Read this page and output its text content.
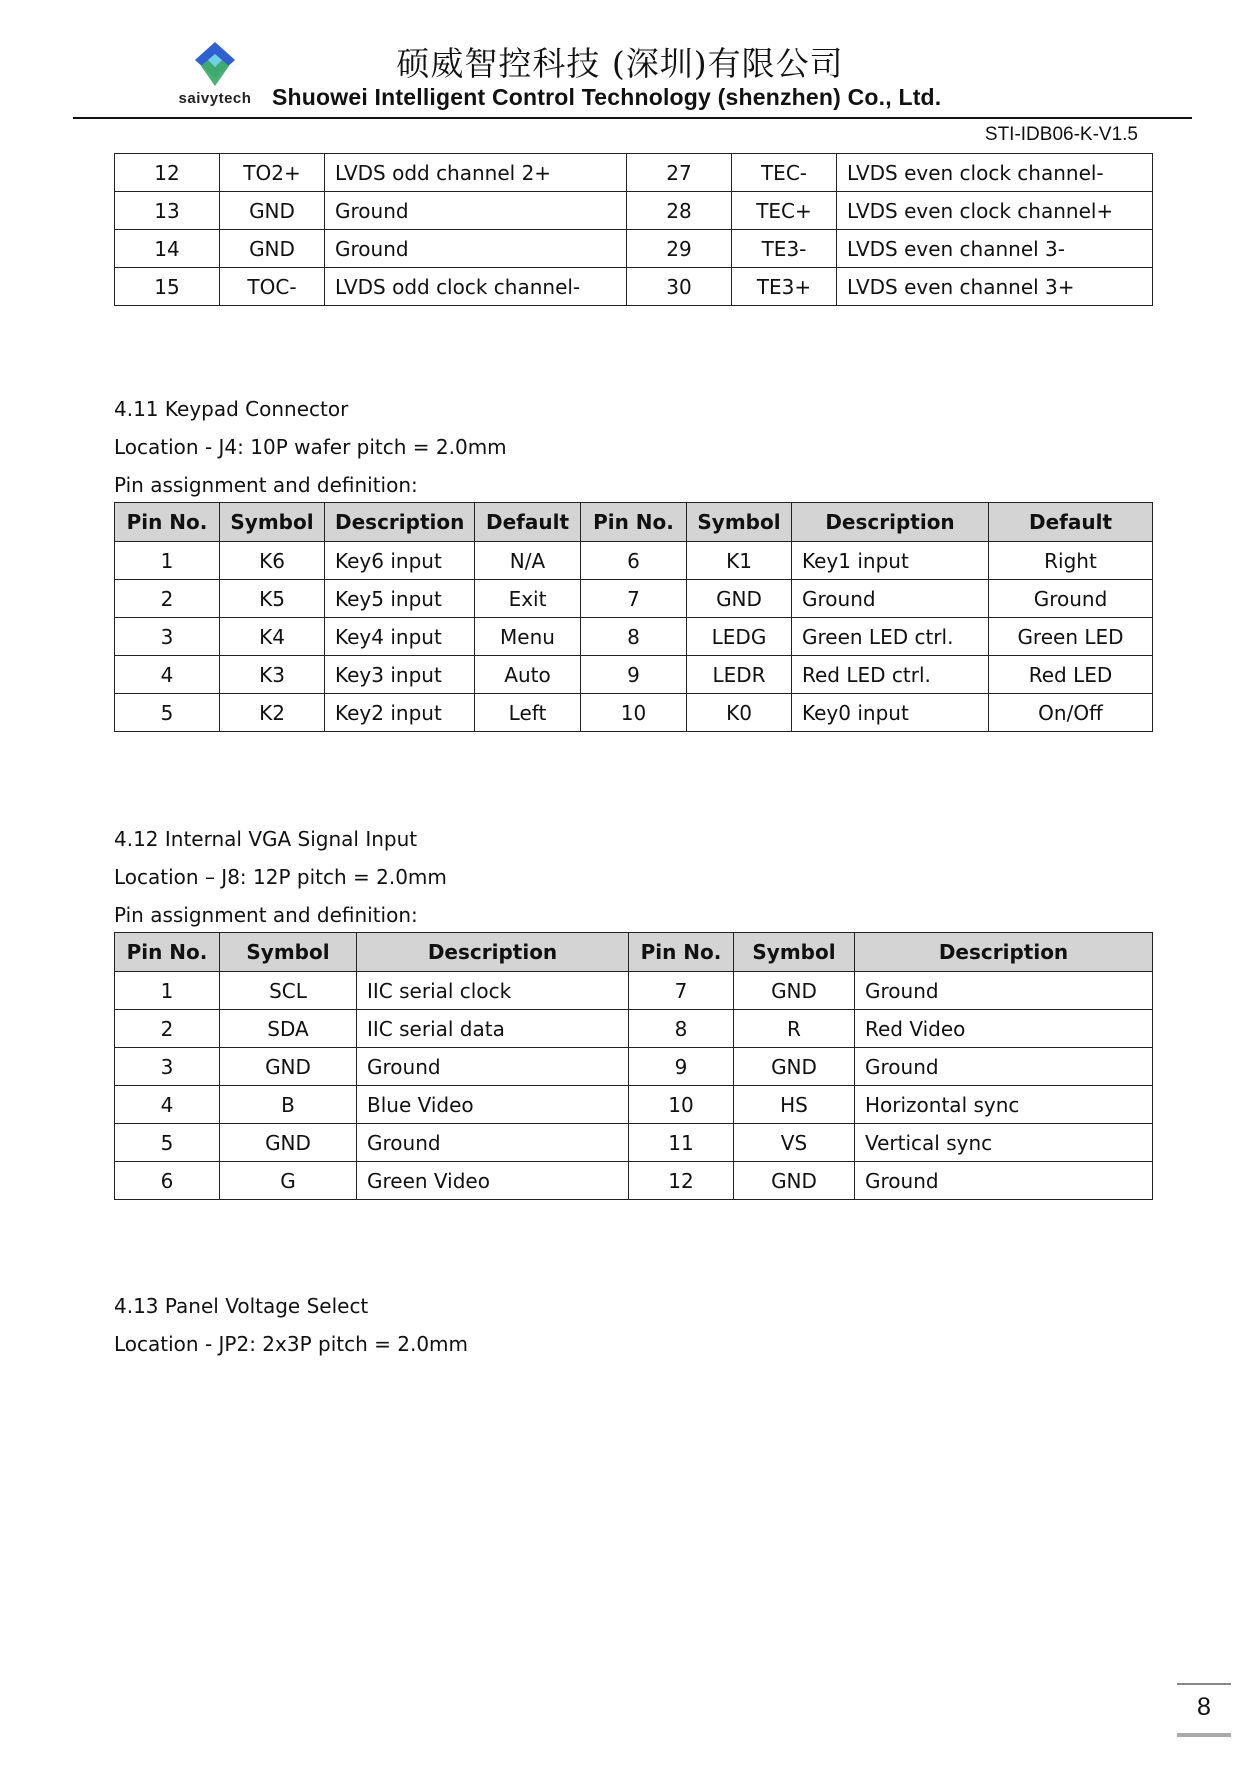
saivytech
硕威智控科技 (深圳)有限公司
Shuowei Intelligent Control Technology (shenzhen) Co., Ltd.
STI-IDB06-K-V1.5
12	TO2+	LVDS odd channel 2+	27	TEC-	LVDS even clock channel-
13	GND	Ground	28	TEC+	LVDS even clock channel+
14	GND	Ground	29	TE3-	LVDS even channel 3-
15	TOC-	LVDS odd clock channel-	30	TE3+	LVDS even channel 3+
4.11 Keypad Connector
Location - J4: 10P wafer pitch = 2.0mm
Pin assignment and definition:
Pin No.	Symbol	Description	Default	Pin No.	Symbol	Description	Default
1	K6	Key6 input	N/A	6	K1	Key1 input	Right
2	K5	Key5 input	Exit	7	GND	Ground	Ground
3	K4	Key4 input	Menu	8	LEDG	Green LED ctrl.	Green LED
4	K3	Key3 input	Auto	9	LEDR	Red LED ctrl.	Red LED
5	K2	Key2 input	Left	10	K0	Key0 input	On/Off
4.12 Internal VGA Signal Input
Location – J8: 12P pitch = 2.0mm
Pin assignment and definition:
Pin No.	Symbol	Description	Pin No.	Symbol	Description
1	SCL	IIC serial clock	7	GND	Ground
2	SDA	IIC serial data	8	R	Red Video
3	GND	Ground	9	GND	Ground
4	B	Blue Video	10	HS	Horizontal sync
5	GND	Ground	11	VS	Vertical sync
6	G	Green Video	12	GND	Ground
4.13 Panel Voltage Select
Location - JP2: 2x3P pitch = 2.0mm
8
